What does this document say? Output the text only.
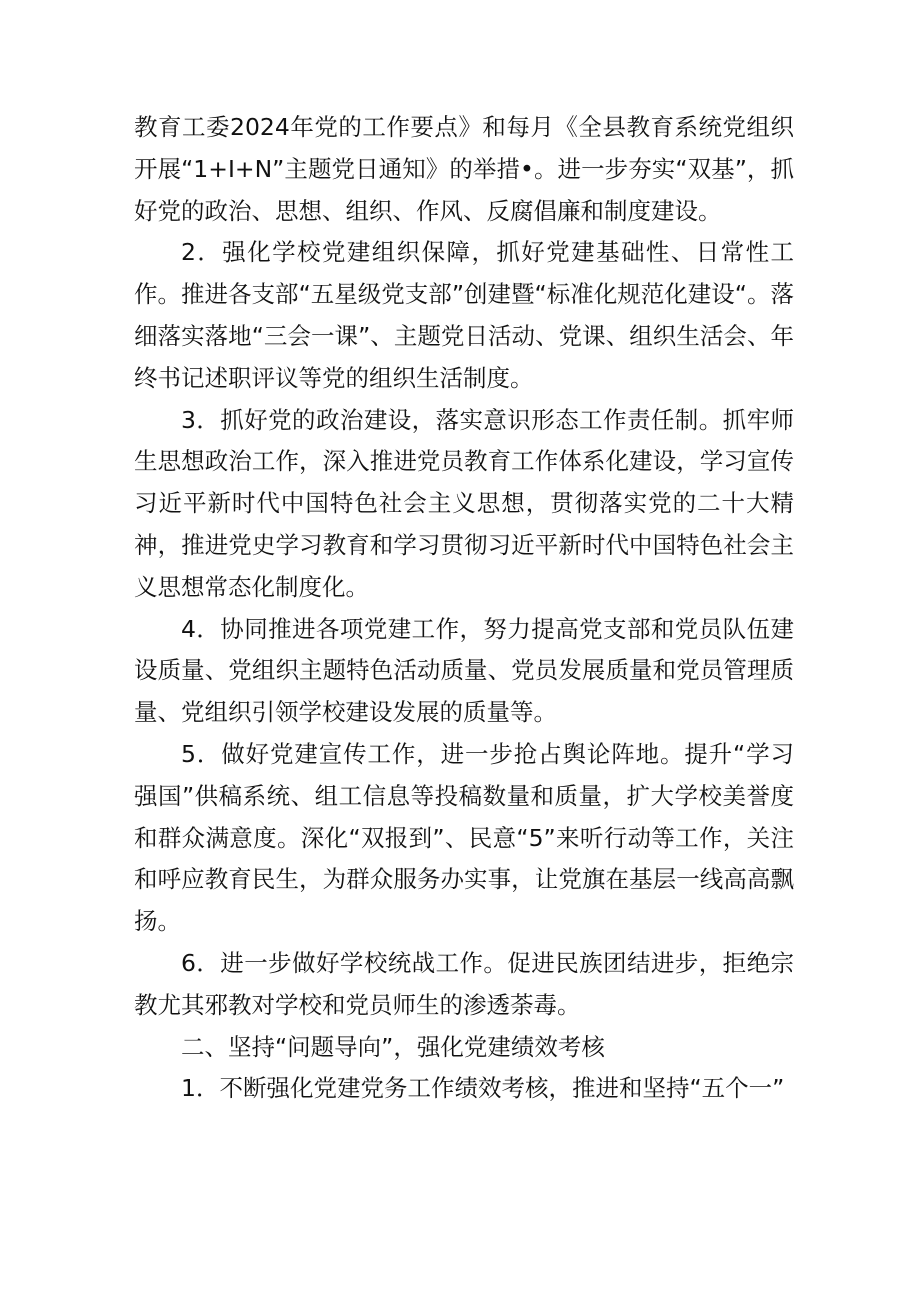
教育工委2024年党的工作要点》和每月《全县教育系统党组织开展“1+I+N”主题党日通知》的举措•。进一步夯实“双基”，抓好党的政治、思想、组织、作风、反腐倡廉和制度建设。

2．强化学校党建组织保障，抓好党建基础性、日常性工作。推进各支部“五星级党支部”创建暨“标准化规范化建设“。落细落实落地“三会一课”、主题党日活动、党课、组织生活会、年终书记述职评议等党的组织生活制度。

3．抓好党的政治建设，落实意识形态工作责任制。抓牢师生思想政治工作，深入推进党员教育工作体系化建设，学习宣传习近平新时代中国特色社会主义思想，贯彻落实党的二十大精神，推进党史学习教育和学习贯彻习近平新时代中国特色社会主义思想常态化制度化。

4．协同推进各项党建工作，努力提高党支部和党员队伍建设质量、党组织主题特色活动质量、党员发展质量和党员管理质量、党组织引领学校建设发展的质量等。

5．做好党建宣传工作，进一步抢占舆论阵地。提升“学习强国”供稿系统、组工信息等投稿数量和质量，扩大学校美誉度和群众满意度。深化“双报到”、民意“5”来听行动等工作，关注和呼应教育民生，为群众服务办实事，让党旗在基层一线高高飘扬。

6．进一步做好学校统战工作。促进民族团结进步，拒绝宗教尤其邪教对学校和党员师生的渗透荼毒。

二、坚持“问题导向”，强化党建绩效考核

1．不断强化党建党务工作绩效考核，推进和坚持“五个一”
